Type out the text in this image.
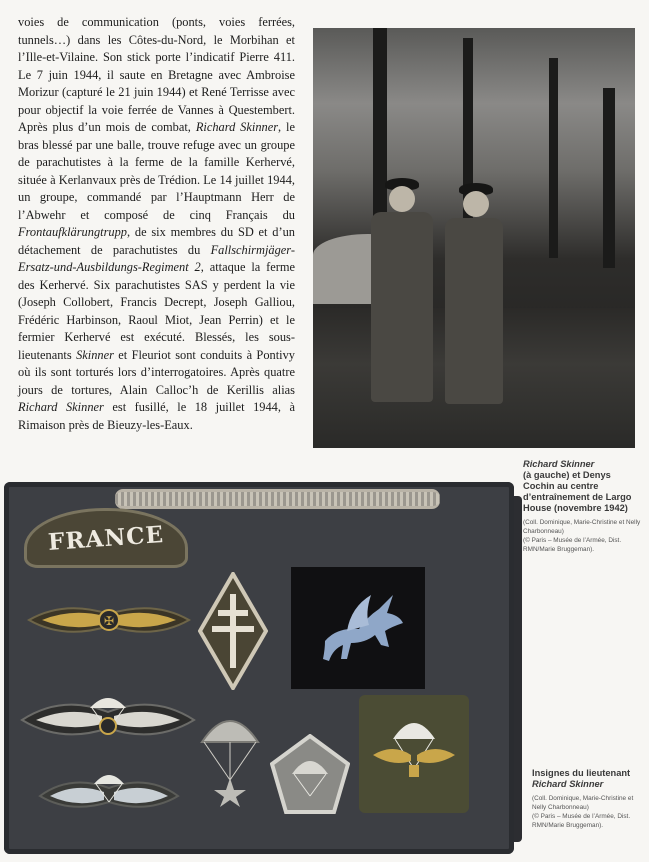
voies de communication (ponts, voies ferrées, tunnels…) dans les Côtes-du-Nord, le Morbihan et l’Ille-et-Vilaine. Son stick porte l’indicatif Pierre 411. Le 7 juin 1944, il saute en Bretagne avec Ambroise Morizur (capturé le 21 juin 1944) et René Terrisse avec pour objectif la voie ferrée de Vannes à Questembert. Après plus d’un mois de combat, Richard Skinner, le bras blessé par une balle, trouve refuge avec un groupe de parachutistes à la ferme de la famille Kerhervé, située à Kerlanvaux près de Trédion. Le 14 juillet 1944, un groupe, commandé par l’Hauptmann Herr de l’Abwehr et composé de cinq Français du Frontaufklärungtrupp, de six membres du SD et d’un détachement de parachutistes du Fallschirmjäger-Ersatz-und-Ausbildungs-Regiment 2, attaque la ferme des Kerhervé. Six parachutistes SAS y perdent la vie (Joseph Collobert, Francis Decrept, Joseph Galliou, Frédéric Harbinson, Raoul Miot, Jean Perrin) et le fermier Kerhervé est exécuté. Blessés, les sous-lieutenants Skinner et Fleuriot sont conduits à Pontivy où ils sont torturés lors d’interrogatoires. Après quatre jours de tortures, Alain Calloc’h de Kerillis alias Richard Skinner est fusillé, le 18 juillet 1944, à Rimaison près de Bieuzy-les-Eaux.

Richard Skinner
(à gauche) et Denys Cochin au centre d’entraînement de Largo House (novembre 1942)
(Coll. Dominique, Marie-Christine et Nelly Charbonneau)
(© Paris – Musée de l’Armée, Dist. RMN/Marie Bruggeman).
FRANCE
✠
Insignes du lieutenant
Richard Skinner
(Coll. Dominique, Marie-Christine et Nelly Charbonneau)
(© Paris – Musée de l’Armée, Dist. RMN/Marie Bruggeman).
